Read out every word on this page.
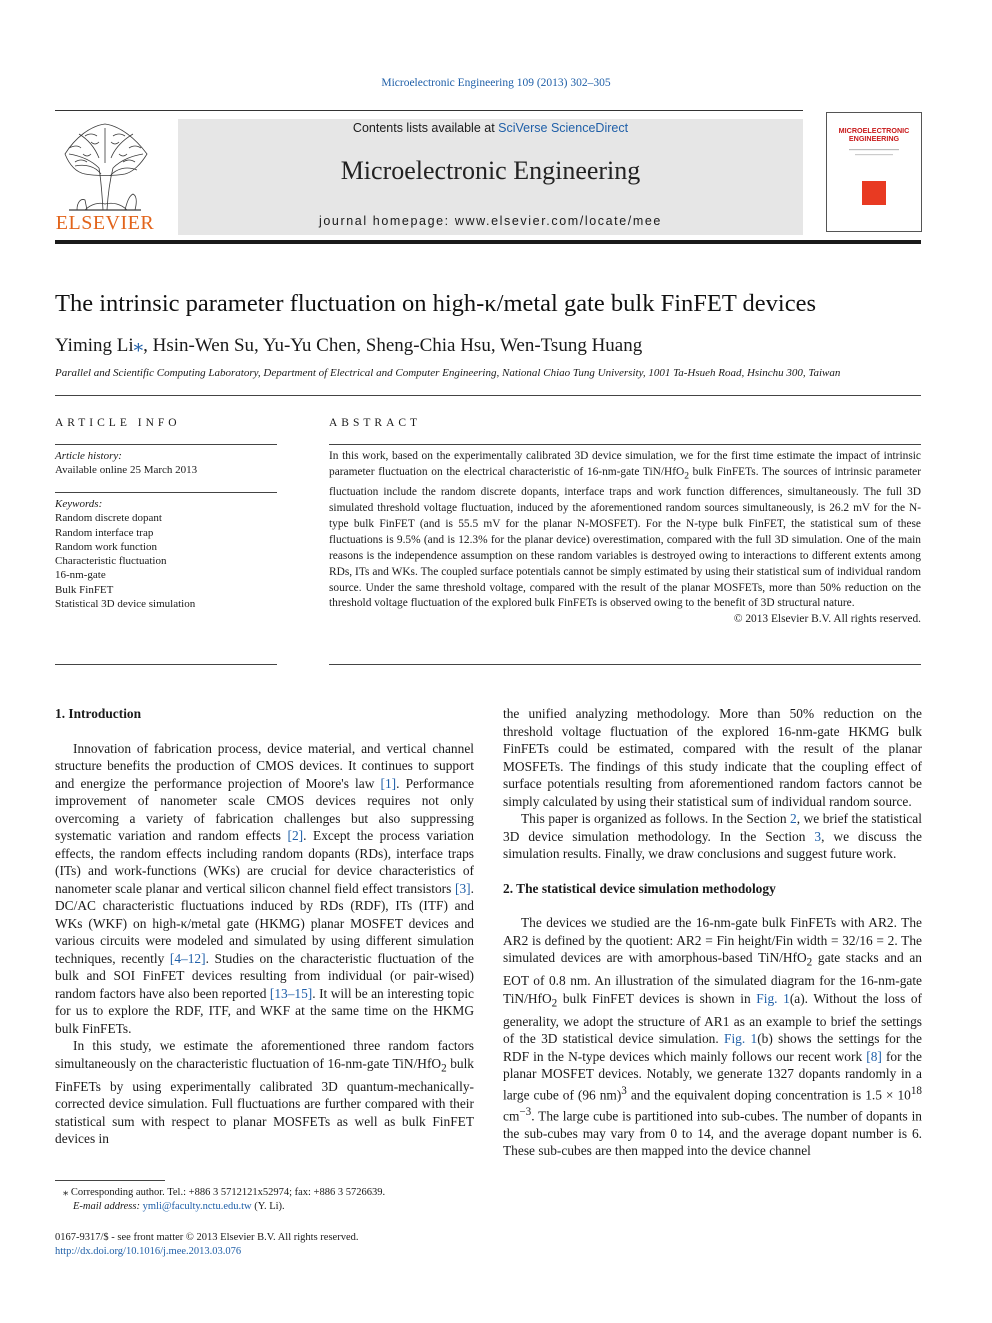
Microelectronic Engineering 109 (2013) 302–305
ELSEVIER
Contents lists available at SciVerse ScienceDirect
Microelectronic Engineering
journal homepage: www.elsevier.com/locate/mee
MICROELECTRONIC ENGINEERING
The intrinsic parameter fluctuation on high-κ/metal gate bulk FinFET devices
Yiming Li⁎, Hsin-Wen Su, Yu-Yu Chen, Sheng-Chia Hsu, Wen-Tsung Huang
Parallel and Scientific Computing Laboratory, Department of Electrical and Computer Engineering, National Chiao Tung University, 1001 Ta-Hsueh Road, Hsinchu 300, Taiwan
ARTICLE INFO
Article history:
Available online 25 March 2013
Keywords:
Random discrete dopant
Random interface trap
Random work function
Characteristic fluctuation
16-nm-gate
Bulk FinFET
Statistical 3D device simulation
ABSTRACT

In this work, based on the experimentally calibrated 3D device simulation, we for the first time estimate the impact of intrinsic parameter fluctuation on the electrical characteristic of 16-nm-gate TiN/HfO$_2$ bulk FinFETs. The sources of intrinsic parameter fluctuation include the random discrete dopants, interface traps and work function differences, simultaneously. The full 3D simulated threshold voltage fluctuation, induced by the aforementioned random sources simultaneously, is 26.2 mV for the N-type bulk FinFET (and is 55.5 mV for the planar N-MOSFET). For the N-type bulk FinFET, the statistical sum of these fluctuations is 9.5% (and is 12.3% for the planar device) overestimation, compared with the full 3D simulation. One of the main reasons is the independence assumption on these random variables is destroyed owing to interactions to different extents among RDs, ITs and WKs. The coupled surface potentials cannot be simply estimated by using their statistical sum of individual random source. Under the same threshold voltage, compared with the result of the planar MOSFETs, more than 50% reduction on the threshold voltage fluctuation of the explored bulk FinFETs is observed owing to the benefit of 3D structural nature.
© 2013 Elsevier B.V. All rights reserved.

1. Introduction

Innovation of fabrication process, device material, and vertical channel structure benefits the production of CMOS devices. It continues to support and energize the performance projection of Moore's law [1]. Performance improvement of nanometer scale CMOS devices requires not only overcoming a variety of fabrication challenges but also suppressing systematic variation and random effects [2]. Except the process variation effects, the random effects including random dopants (RDs), interface traps (ITs) and work-functions (WKs) are crucial for device characteristics of nanometer scale planar and vertical silicon channel field effect transistors [3]. DC/AC characteristic fluctuations induced by RDs (RDF), ITs (ITF) and WKs (WKF) on high-κ/metal gate (HKMG) planar MOSFET devices and various circuits were modeled and simulated by using different simulation techniques, recently [4–12]. Studies on the characteristic fluctuation of the bulk and SOI FinFET devices resulting from individual (or pair-wised) random factors have also been reported [13–15]. It will be an interesting topic for us to explore the RDF, ITF, and WKF at the same time on the HKMG bulk FinFETs.

In this study, we estimate the aforementioned three random factors simultaneously on the characteristic fluctuation of 16-nm-gate TiN/HfO$_2$ bulk FinFETs by using experimentally calibrated 3D quantum-mechanically-corrected device simulation. Full fluctuations are further compared with their statistical sum with respect to planar MOSFETs as well as bulk FinFET devices in

the unified analyzing methodology. More than 50% reduction on the threshold voltage fluctuation of the explored 16-nm-gate HKMG bulk FinFETs could be estimated, compared with the result of the planar MOSFETs. The findings of this study indicate that the coupling effect of surface potentials resulting from aforementioned random factors cannot be simply calculated by using their statistical sum of individual random source.

This paper is organized as follows. In the Section 2, we brief the statistical 3D device simulation methodology. In the Section 3, we discuss the simulation results. Finally, we draw conclusions and suggest future work.

2. The statistical device simulation methodology

The devices we studied are the 16-nm-gate bulk FinFETs with AR2. The AR2 is defined by the quotient: AR2 = Fin height/Fin width = 32/16 = 2. The simulated devices are with amorphous-based TiN/HfO$_2$ gate stacks and an EOT of 0.8 nm. An illustration of the simulated diagram for the 16-nm-gate TiN/HfO$_2$ bulk FinFET devices is shown in Fig. 1(a). Without the loss of generality, we adopt the structure of AR1 as an example to brief the settings of the 3D statistical device simulation. Fig. 1(b) shows the settings for the RDF in the N-type devices which mainly follows our recent work [8] for the planar MOSFET devices. Notably, we generate 1327 dopants randomly in a large cube of (96 nm)$^3$ and the equivalent doping concentration is $1.5 \times 10^{18}$ $cm^{-3}$. The large cube is partitioned into sub-cubes. The number of dopants in the sub-cubes may vary from 0 to 14, and the average dopant number is 6. These sub-cubes are then mapped into the device channel

⁎ Corresponding author. Tel.: +886 3 5712121x52974; fax: +886 3 5726639.
E-mail address: ymli@faculty.nctu.edu.tw (Y. Li).
0167-9317/$ - see front matter © 2013 Elsevier B.V. All rights reserved.
http://dx.doi.org/10.1016/j.mee.2013.03.076
